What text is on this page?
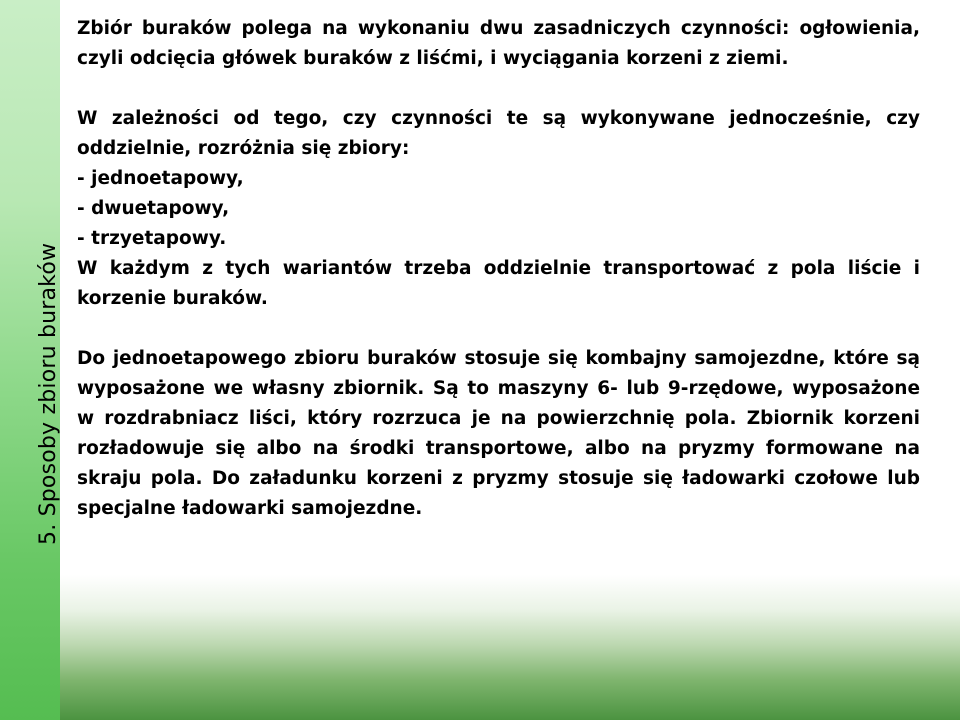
5. Sposoby zbioru buraków

Zbiór buraków polega na wykonaniu dwu zasadniczych czynności: ogłowienia, czyli odcięcia główek buraków z liśćmi, i wyciągania korzeni z ziemi.

W zależności od tego, czy czynności te są wykonywane jednocześnie, czy oddzielnie, rozróżnia się zbiory:

- jednoetapowy,

- dwuetapowy,

- trzyetapowy.

W każdym z tych wariantów trzeba oddzielnie transportować z pola liście i korzenie buraków.

Do jednoetapowego zbioru buraków stosuje się kombajny samojezdne, które są wyposażone we własny zbiornik. Są to maszyny 6- lub 9-rzędowe, wyposażone w rozdrabniacz liści, który rozrzuca je na powierzchnię pola. Zbiornik korzeni rozładowuje się albo na środki transportowe, albo na pryzmy formowane na skraju pola. Do załadunku korzeni z pryzmy stosuje się ładowarki czołowe lub specjalne ładowarki samojezdne.
